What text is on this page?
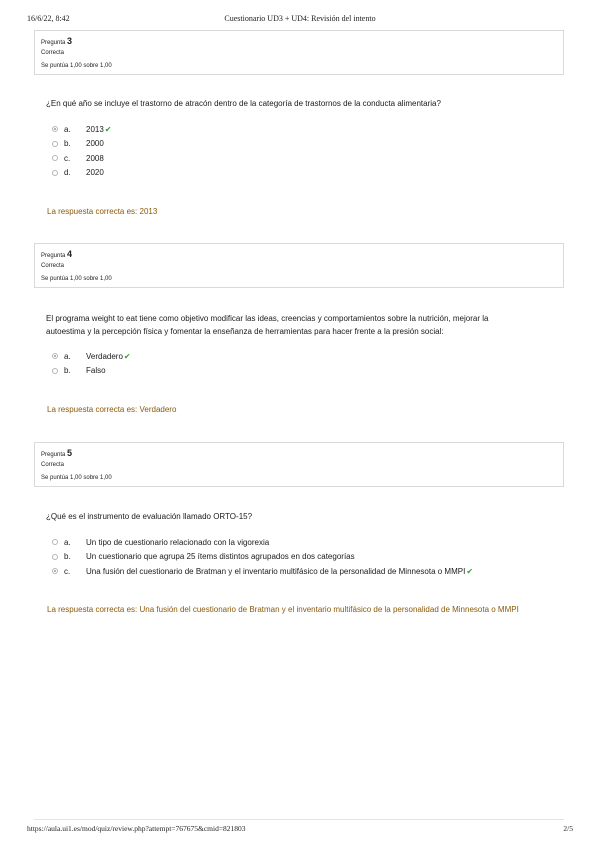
16/6/22, 8:42	Cuestionario UD3 + UD4: Revisión del intento
Pregunta 3
Correcta
Se puntúa 1,00 sobre 1,00
¿En qué año se incluye el trastorno de atracón dentro de la categoría de trastornos de la conducta alimentaria?
a.	2013 ✔
b.	2000
c.	2008
d.	2020
La respuesta correcta es: 2013
Pregunta 4
Correcta
Se puntúa 1,00 sobre 1,00
El programa weight to eat tiene como objetivo modificar las ideas, creencias y comportamientos sobre la nutrición, mejorar la autoestima y la percepción física y fomentar la enseñanza de herramientas para hacer frente a la presión social:
a.	Verdadero ✔
b.	Falso
La respuesta correcta es: Verdadero
Pregunta 5
Correcta
Se puntúa 1,00 sobre 1,00
¿Qué es el instrumento de evaluación llamado ORTO-15?
a.	Un tipo de cuestionario relacionado con la vigorexia
b.	Un cuestionario que agrupa 25 ítems distintos agrupados en dos categorías
c.	Una fusión del cuestionario de Bratman y el inventario multifásico de la personalidad de Minnesota o MMPI ✔
La respuesta correcta es: Una fusión del cuestionario de Bratman y el inventario multifásico de la personalidad de Minnesota o MMPI
https://aula.ui1.es/mod/quiz/review.php?attempt=767675&cmid=821803	2/5
